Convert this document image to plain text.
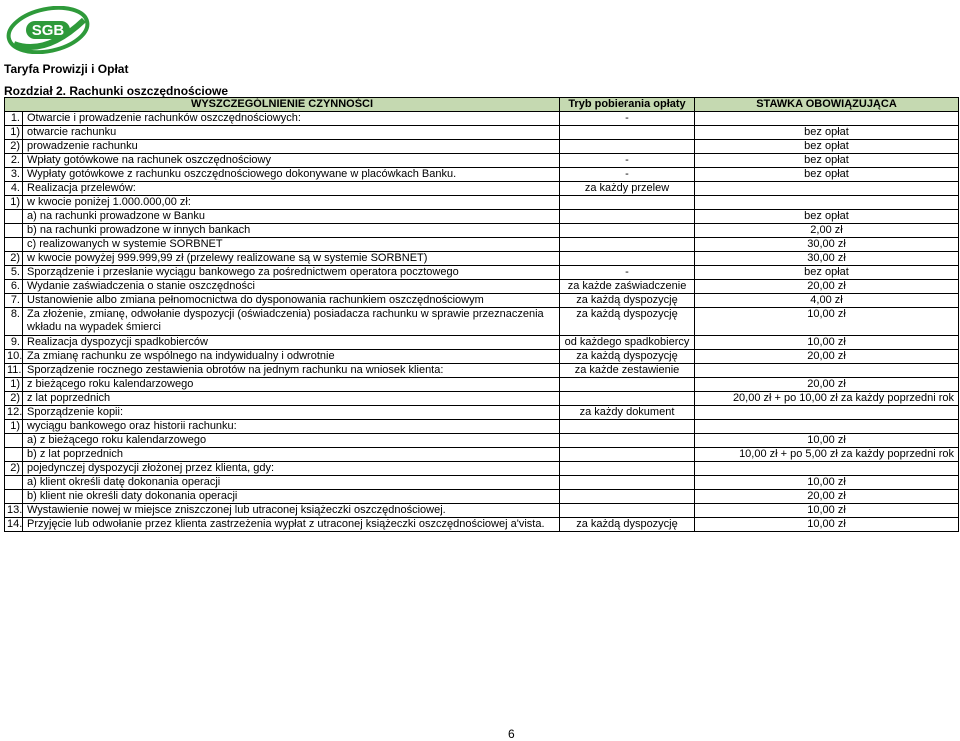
SGB
Taryfa Prowizji i Opłat
Rozdział 2. Rachunki oszczędnościowe
WYSZCZEGÓLNIENIE CZYNNOŚCI		Tryb pobierania opłaty	STAWKA OBOWIĄZUJĄCA
1.	Otwarcie i prowadzenie rachunków oszczędnościowych:	-	
1)	otwarcie rachunku		bez opłat
2)	prowadzenie rachunku		bez opłat
2.	Wpłaty gotówkowe na rachunek oszczędnościowy	-	bez opłat
3.	Wypłaty gotówkowe z rachunku oszczędnościowego dokonywane w placówkach Banku.	-	bez opłat
4.	Realizacja przelewów:	za każdy przelew	
1)	w kwocie poniżej 1.000.000,00 zł:		
	a) na rachunki prowadzone w Banku		bez opłat
	b) na rachunki prowadzone w innych bankach		2,00 zł
	c) realizowanych w systemie SORBNET		30,00 zł
2)	w kwocie powyżej 999.999,99 zł (przelewy realizowane są w systemie SORBNET)		30,00 zł
5.	Sporządzenie i przesłanie wyciągu bankowego za pośrednictwem operatora pocztowego	-	bez opłat
6.	Wydanie zaświadczenia o stanie oszczędności	za każde zaświadczenie	20,00 zł
7.	Ustanowienie albo zmiana pełnomocnictwa do dysponowania rachunkiem oszczędnościowym	za każdą dyspozycję	4,00 zł
8.	Za złożenie, zmianę, odwołanie dyspozycji (oświadczenia) posiadacza rachunku w sprawie przeznaczenia wkładu na wypadek śmierci	za każdą dyspozycję	10,00 zł
9.	Realizacja dyspozycji spadkobierców	od każdego spadkobiercy	10,00 zł
10.	Za zmianę rachunku ze wspólnego na indywidualny i odwrotnie	za każdą dyspozycję	20,00 zł
11.	Sporządzenie rocznego zestawienia obrotów na jednym rachunku na wniosek klienta:	za każde zestawienie	
1)	z bieżącego roku kalendarzowego		20,00 zł
2)	z lat poprzednich		20,00 zł + po 10,00 zł za każdy poprzedni rok
12.	Sporządzenie kopii:	za każdy dokument	
1)	wyciągu bankowego oraz historii rachunku:		
	a) z bieżącego roku kalendarzowego		10,00 zł
	b) z lat poprzednich		10,00 zł + po 5,00 zł za każdy poprzedni rok
2)	pojedynczej dyspozycji złożonej przez klienta, gdy:		
	a) klient określi datę dokonania operacji		10,00 zł
	b) klient nie określi daty dokonania operacji		20,00 zł
13.	Wystawienie nowej w miejsce zniszczonej lub utraconej książeczki oszczędnościowej.		10,00 zł
14.	Przyjęcie lub odwołanie przez klienta zastrzeżenia wypłat z utraconej książeczki oszczędnościowej a'vista.	za każdą dyspozycję	10,00 zł
6
